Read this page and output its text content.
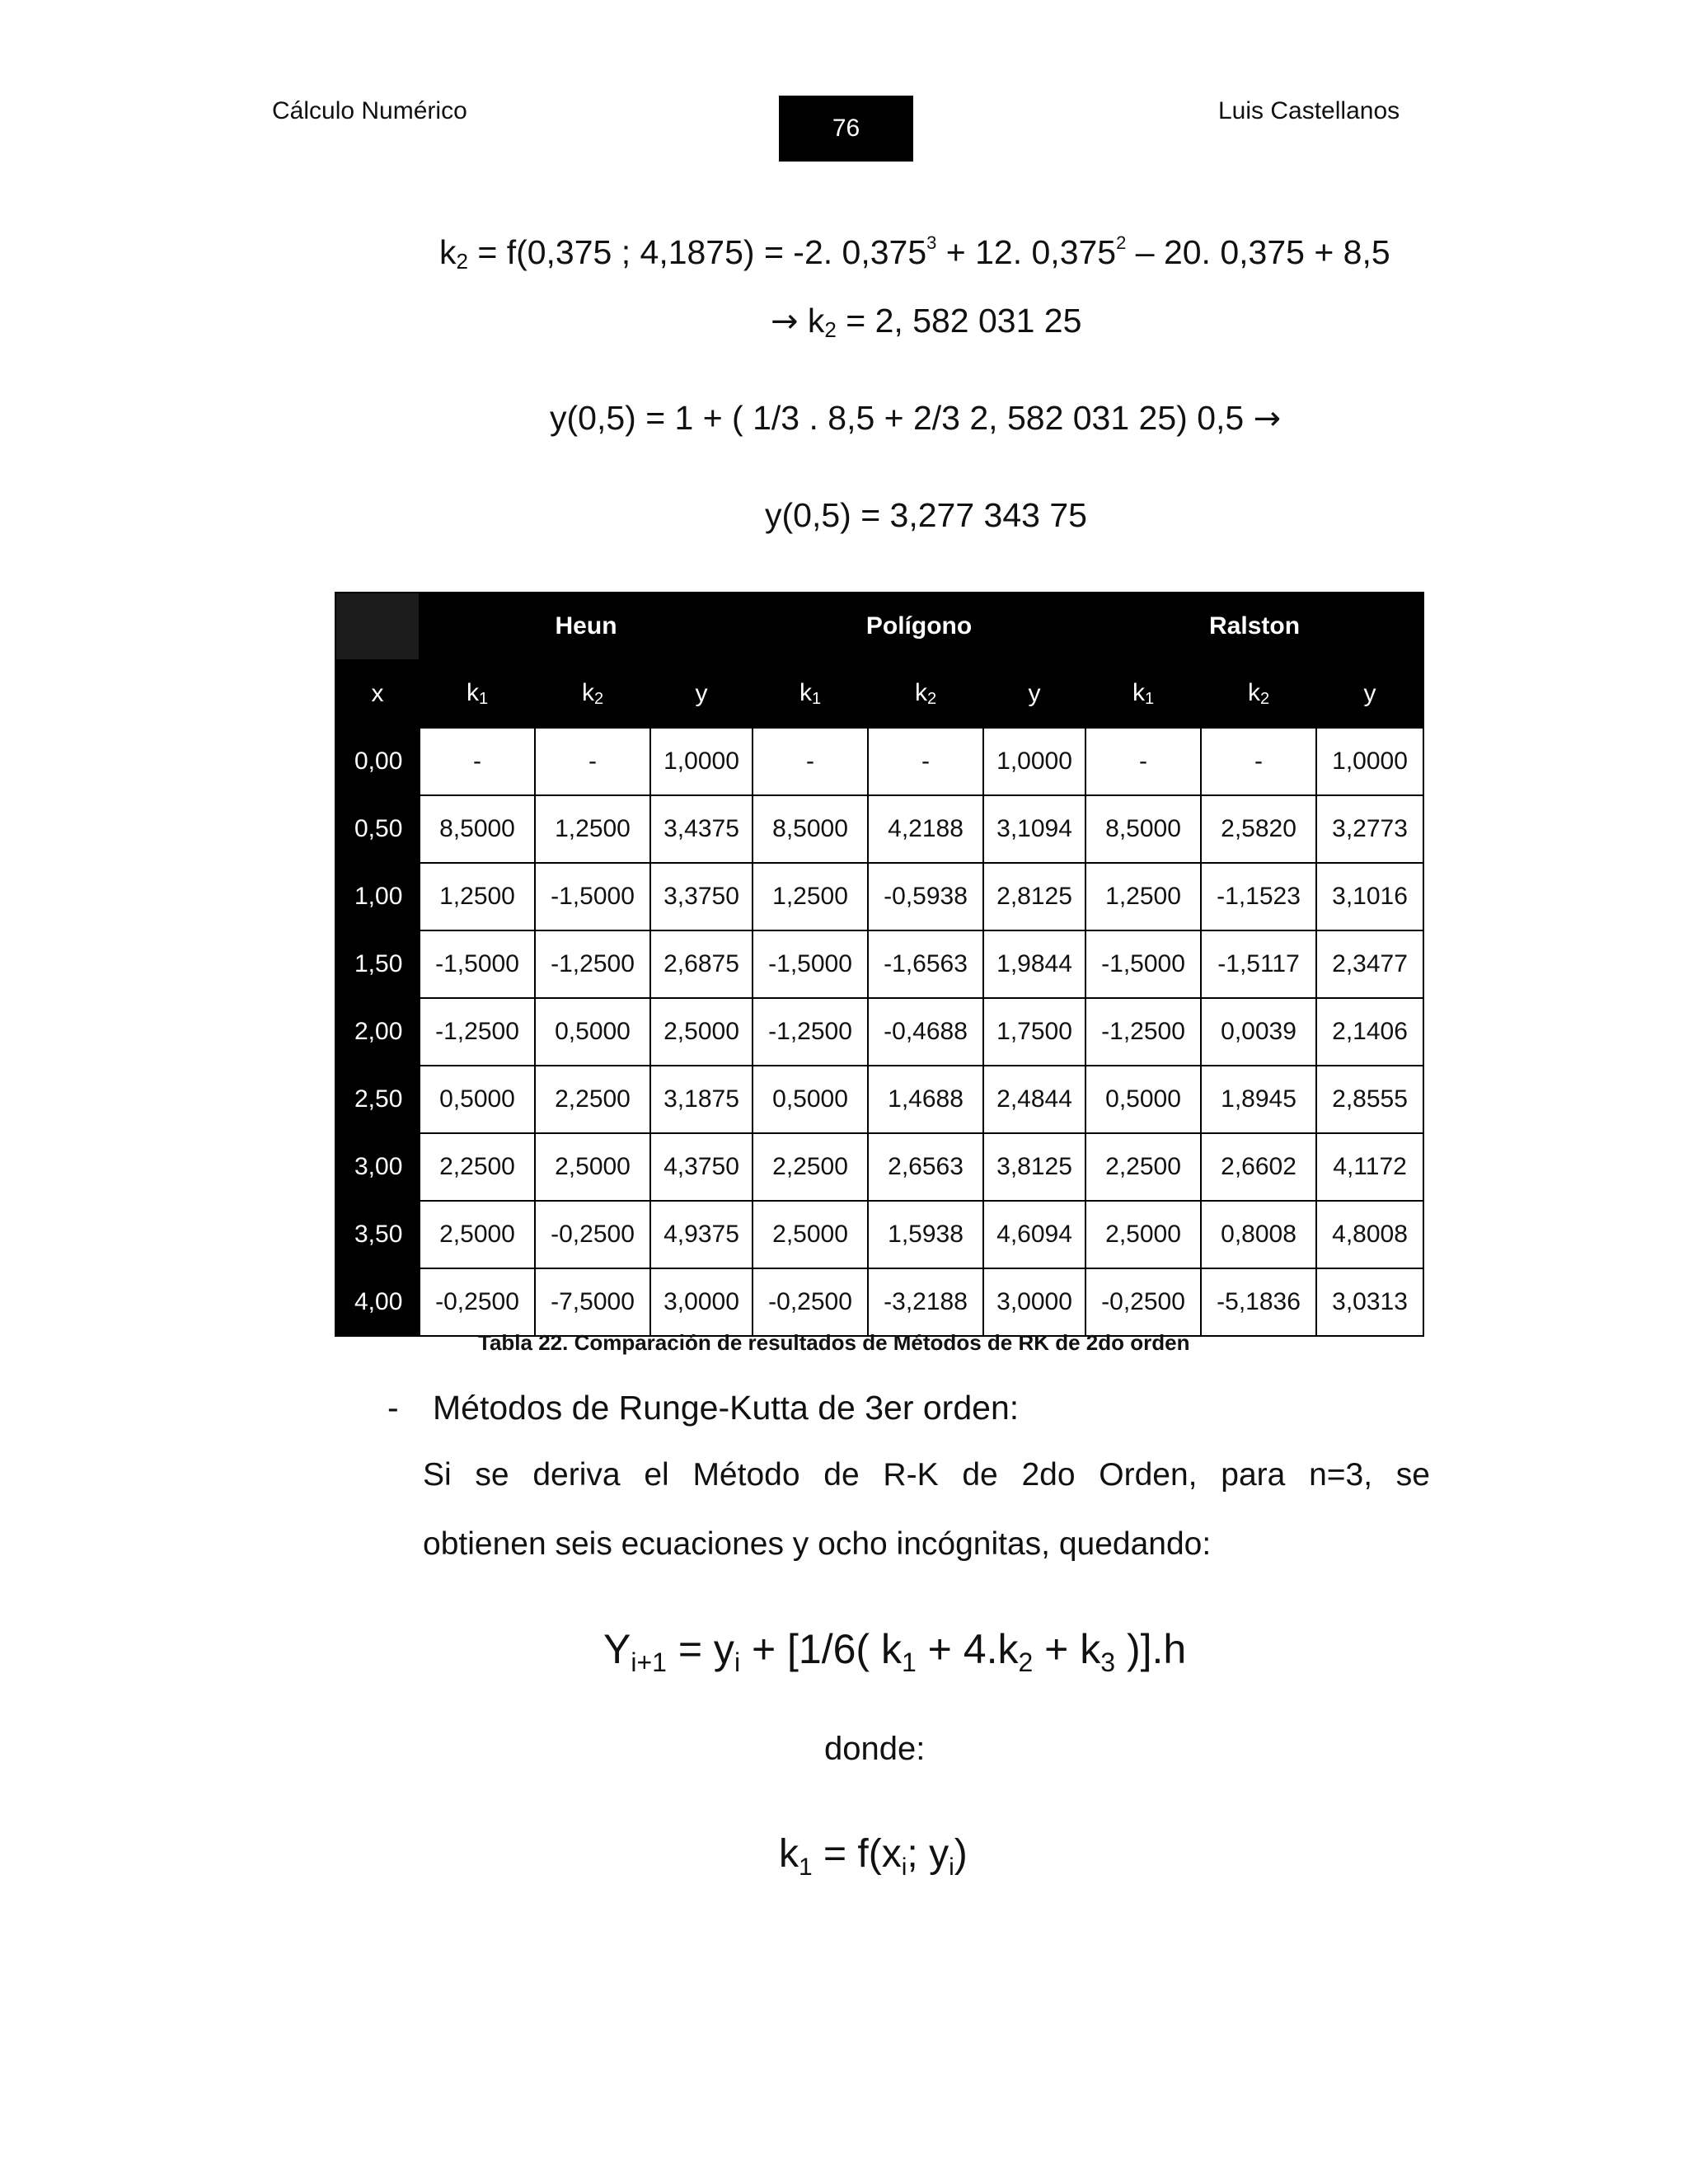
Cálculo Numérico
76
Luis Castellanos
$k_2 = f(0,375$ ; 4,1875) = -2. $0,375^3 + 12$. 0,375$^2$ – 20. 0,375 + 8,5
→ $k_2 = 2$, 582 031 25
y(0,5) = 1 + ( 1/3 . 8,5 + 2/3 2, 582 031 25) 0,5 →
y(0,5) = 3,277 343 75
	Heun			Polígono			Ralston		
x	$k_1$	$k_2$	y	$k_1$	$k_2$	y	$k_1$	$k_2$	y
0,00	-	-	1,0000	-	-	1,0000	-	-	1,0000
0,50	8,5000	1,2500	3,4375	8,5000	4,2188	3,1094	8,5000	2,5820	3,2773
1,00	1,2500	-1,5000	3,3750	1,2500	-0,5938	2,8125	1,2500	-1,1523	3,1016
1,50	-1,5000	-1,2500	2,6875	-1,5000	-1,6563	1,9844	-1,5000	-1,5117	2,3477
2,00	-1,2500	0,5000	2,5000	-1,2500	-0,4688	1,7500	-1,2500	0,0039	2,1406
2,50	0,5000	2,2500	3,1875	0,5000	1,4688	2,4844	0,5000	1,8945	2,8555
3,00	2,2500	2,5000	4,3750	2,2500	2,6563	3,8125	2,2500	2,6602	4,1172
3,50	2,5000	-0,2500	4,9375	2,5000	1,5938	4,6094	2,5000	0,8008	4,8008
4,00	-0,2500	-7,5000	3,0000	-0,2500	-3,2188	3,0000	-0,2500	-5,1836	3,0313
Tabla 22. Comparación de resultados de Métodos de RK de 2do orden
- Métodos de Runge-Kutta de 3er orden:
Si se deriva el Método de R-K de 2do Orden, para n=3, se
obtienen seis ecuaciones y ocho incógnitas, quedando:
$Y_{i+1} = y_i + [1/6$( $k_1 + 4.k_2 + k_3$ )].h
donde:
$k_1 = f(x_i$; $y_i$)
